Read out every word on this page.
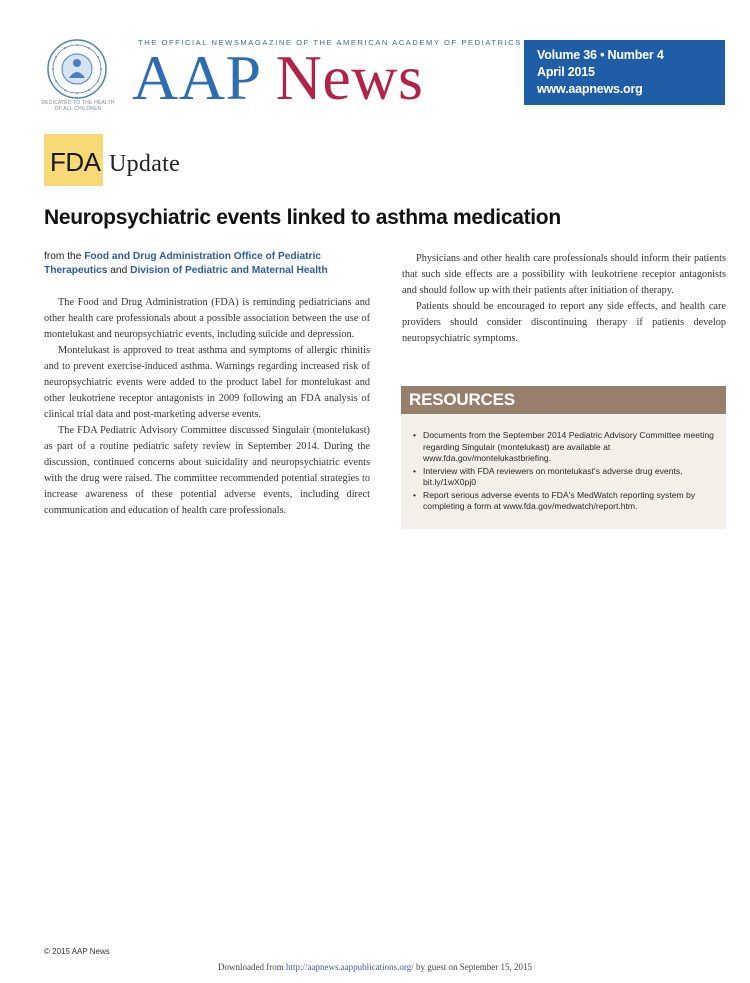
DEDICATED TO THE HEALTH OF ALL CHILDREN
THE OFFICIAL NEWSMAGAZINE OF THE AMERICAN ACADEMY OF PEDIATRICS
AAP News	Volume 36 • Number 4
April 2015
www.aapnews.org
FDA Update
Neuropsychiatric events linked to asthma medication
from the Food and Drug Administration Office of Pediatric Therapeutics and Division of Pediatric and Maternal Health

The Food and Drug Administration (FDA) is reminding pediatricians and other health care professionals about a possible association between the use of montelukast and neuropsychiatric events, including suicide and depression.

Montelukast is approved to treat asthma and symptoms of allergic rhinitis and to prevent exercise-induced asthma. Warnings regarding increased risk of neuropsychiatric events were added to the product label for montelukast and other leukotriene receptor antagonists in 2009 following an FDA analysis of clinical trial data and post-marketing adverse events.

The FDA Pediatric Advisory Committee discussed Singulair (montelukast) as part of a routine pediatric safety review in September 2014. During the discussion, continued concerns about suicidality and neuropsychiatric events with the drug were raised. The committee recommended potential strategies to increase awareness of these potential adverse events, including direct communication and education of health care professionals.

Physicians and other health care professionals should inform their patients that such side effects are a possibility with leukotriene receptor antagonists and should follow up with their patients after initiation of therapy.

Patients should be encouraged to report any side effects, and health care providers should consider discontinuing therapy if patients develop neuropsychiatric symptoms.

RESOURCES
• Documents from the September 2014 Pediatric Advisory Committee meeting regarding Singulair (montelukast) are available at www.fda.gov/montelukastbriefing.
• Interview with FDA reviewers on montelukast's adverse drug events, bit.ly/1wX0pj0
• Report serious adverse events to FDA's MedWatch reporting system by completing a form at www.fda.gov/medwatch/report.htm.
© 2015 AAP News
Downloaded from http://aapnews.aappublications.org/ by guest on September 15, 2015
